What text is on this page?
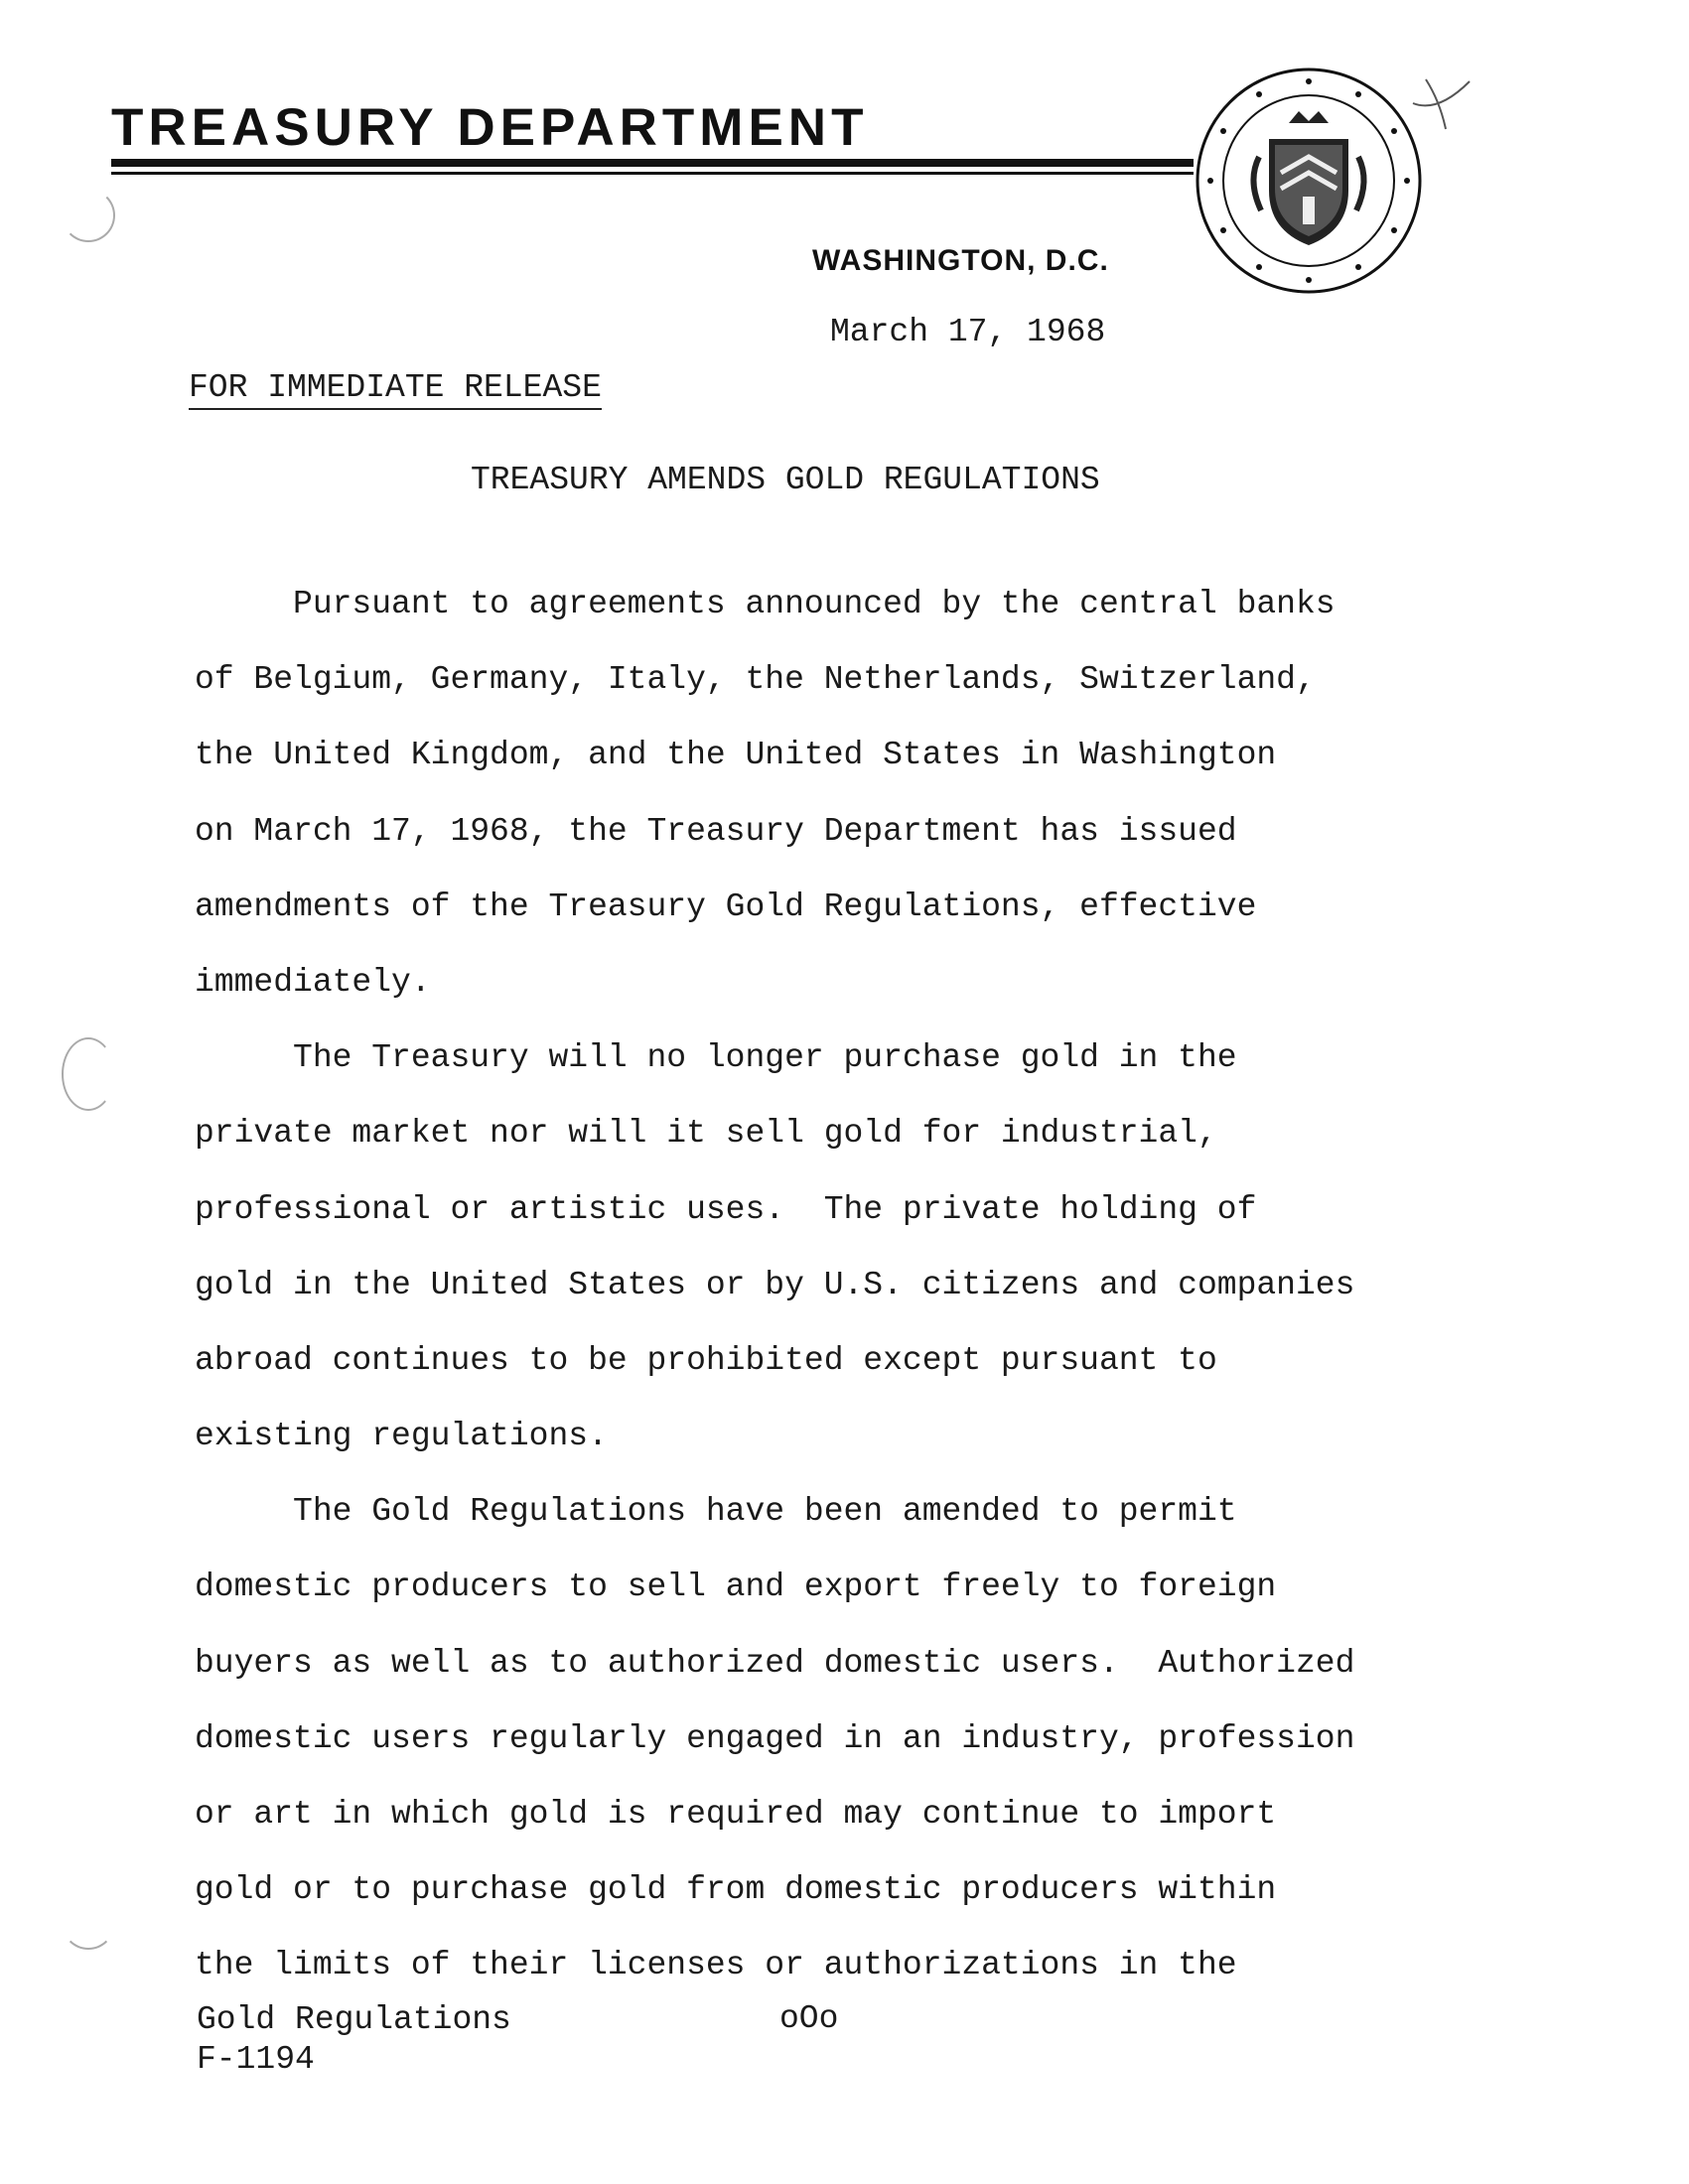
TREASURY DEPARTMENT
WASHINGTON, D.C.
March 17, 1968
FOR IMMEDIATE RELEASE
TREASURY AMENDS GOLD REGULATIONS
Pursuant to agreements announced by the central banks
of Belgium, Germany, Italy, the Netherlands, Switzerland,
the United Kingdom, and the United States in Washington
on March 17, 1968, the Treasury Department has issued
amendments of the Treasury Gold Regulations, effective
immediately.
The Treasury will no longer purchase gold in the
private market nor will it sell gold for industrial,
professional or artistic uses.  The private holding of
gold in the United States or by U.S. citizens and companies
abroad continues to be prohibited except pursuant to
existing regulations.
The Gold Regulations have been amended to permit
domestic producers to sell and export freely to foreign
buyers as well as to authorized domestic users.  Authorized
domestic users regularly engaged in an industry, profession
or art in which gold is required may continue to import
gold or to purchase gold from domestic producers within
the limits of their licenses or authorizations in the
Gold Regulations
F-1194
oOo
